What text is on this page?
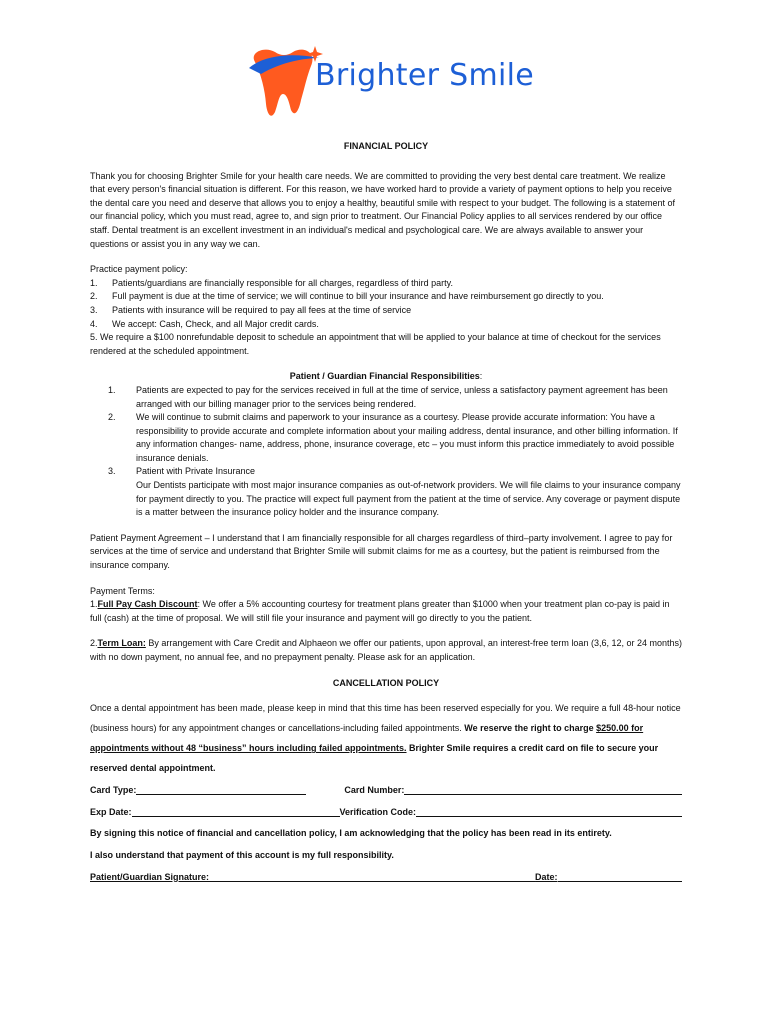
Brighter Smile

FINANCIAL POLICY

Thank you for choosing Brighter Smile for your health care needs. We are committed to providing the very best dental care treatment. We realize that every person's financial situation is different. For this reason, we have worked hard to provide a variety of payment options to help you receive the dental care you need and deserve that allows you to enjoy a healthy, beautiful smile with respect to your budget. The following is a statement of our financial policy, which you must read, agree to, and sign prior to treatment. Our Financial Policy applies to all services rendered by our office staff. Dental treatment is an excellent investment in an individual's medical and psychological care. We are always available to answer your questions or assist you in any way we can.

Practice payment policy:

1.	Patients/guardians are financially responsible for all charges, regardless of third party.
2.	Full payment is due at the time of service; we will continue to bill your insurance and have reimbursement go directly to you.
3.	Patients with insurance will be required to pay all fees at the time of service
4.	We accept: Cash, Check, and all Major credit cards.

5. We require a $100 nonrefundable deposit to schedule an appointment that will be applied to your balance at time of checkout for the services rendered at the scheduled appointment.

Patient / Guardian Financial Responsibilities:

1.	Patients are expected to pay for the services received in full at the time of service, unless a satisfactory payment agreement has been arranged with our billing manager prior to the services being rendered.
2.	We will continue to submit claims and paperwork to your insurance as a courtesy. Please provide accurate information: You have a responsibility to provide accurate and complete information about your mailing address, dental insurance, and other billing information. If any information changes- name, address, phone, insurance coverage, etc – you must inform this practice immediately to avoid possible insurance denials.
3.	Patient with Private Insurance
Our Dentists participate with most major insurance companies as out-of-network providers. We will file claims to your insurance company for payment directly to you. The practice will expect full payment from the patient at the time of service. Any coverage or payment dispute is a matter between the insurance policy holder and the insurance company.

Patient Payment Agreement – I understand that I am financially responsible for all charges regardless of third–party involvement. I agree to pay for services at the time of service and understand that Brighter Smile will submit claims for me as a courtesy, but the patient is reimbursed from the insurance company.

Payment Terms:

1.Full Pay Cash Discount: We offer a 5% accounting courtesy for treatment plans greater than $1000 when your treatment plan co-pay is paid in full (cash) at the time of proposal. We will still file your insurance and payment will go directly to you the patient.

2.Term Loan: By arrangement with Care Credit and Alphaeon we offer our patients, upon approval, an interest-free term loan (3,6, 12, or 24 months) with no down payment, no annual fee, and no prepayment penalty. Please ask for an application.

CANCELLATION POLICY

Once a dental appointment has been made, please keep in mind that this time has been reserved especially for you. We require a full 48-hour notice (business hours) for any appointment changes or cancellations-including failed appointments. We reserve the right to charge $250.00 for appointments without 48 “business” hours including failed appointments. Brighter Smile requires a credit card on file to secure your reserved dental appointment.

Card Type:	Card Number:
Exp Date:	Verification Code:

By signing this notice of financial and cancellation policy, I am acknowledging that the policy has been read in its entirety.

I also understand that payment of this account is my full responsibility.

Patient/Guardian Signature:	Date:
